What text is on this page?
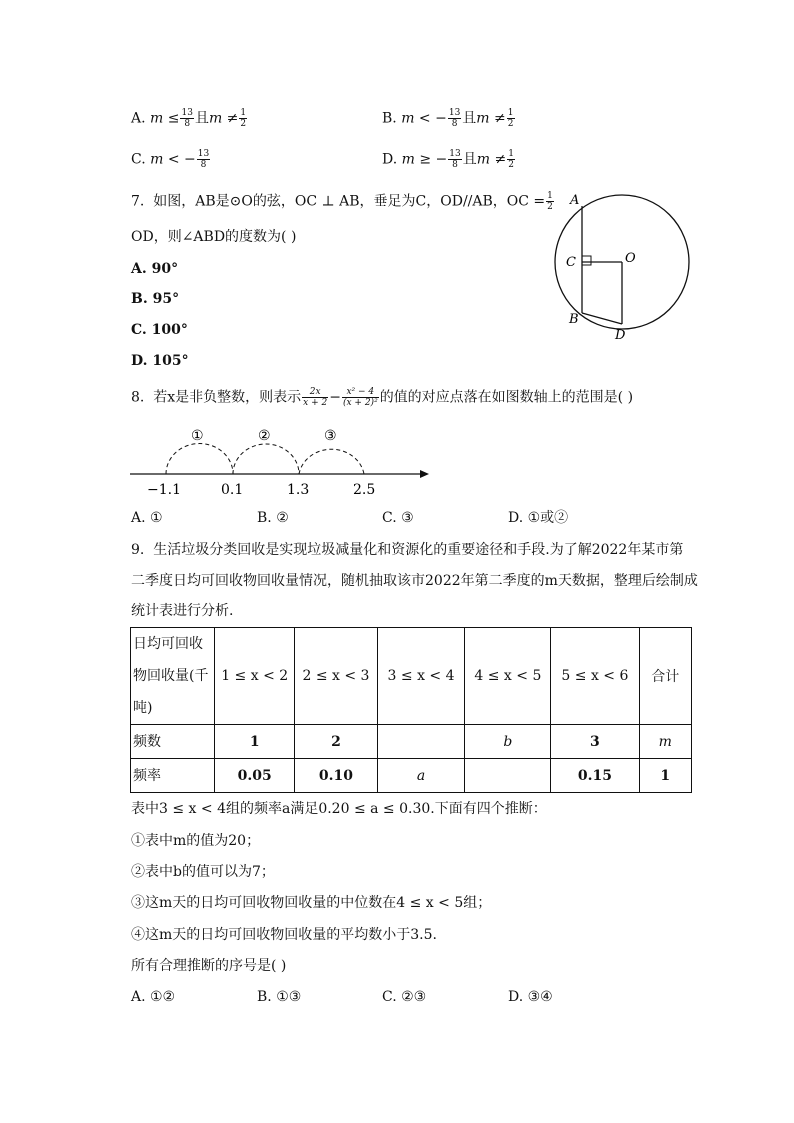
A. $m \le \frac{13}{8}$ 且$m \ne \frac{1}{2}$	B. m < − $\frac{13}{8}$ 且$m \ne \frac{1}{2}$
C. m < − $\frac{13}{8}$	D. m ≥ − $\frac{13}{8}$ 且$m \ne \frac{1}{2}$
7. 如图，AB是⊙O的弦，OC ⊥ AB，垂足为C，OD//AB，OC = $\frac{1}{2}$
OD，则∠ABD的度数为( )
A. 90°
B. 95°
C. 100°
D. 105°
A
C	O
B
D
8. 若x是非负整数，则表示 $\frac{2x}{x + 2} - \frac{\text{x² − 4}}{\text{(x + 2)²}}$ 的值的对应点落在如图数轴上的范围是( )
①	②	③
−1.1	0.1	1.3	2.5
A. ①	B. ②	C. ③	D. ①或②
9. 生活垃圾分类回收是实现垃圾减量化和资源化的重要途径和手段.为了解2022年某市第
二季度日均可回收物回收量情况，随机抽取该市2022年第二季度的m天数据，整理后绘制成
统计表进行分析.
日均可回收
物回收量(千
吨)	1 ≤ x < 2	2 ≤ x < 3	3 ≤ x < 4	4 ≤ x < 5	5 ≤ x < 6	合计
频数	1	2		b	3	m
频率	0.05	0.10	a		0.15	1
表中3 ≤ x < 4组的频率a满足0.20 ≤ a ≤ 0.30.下面有四个推断：
①表中m的值为20；
②表中b的值可以为7；
③这m天的日均可回收物回收量的中位数在4 ≤ x < 5组；
④这m天的日均可回收物回收量的平均数小于3.5.
所有合理推断的序号是( )
A. ①②	B. ①③	C. ②③	D. ③④
